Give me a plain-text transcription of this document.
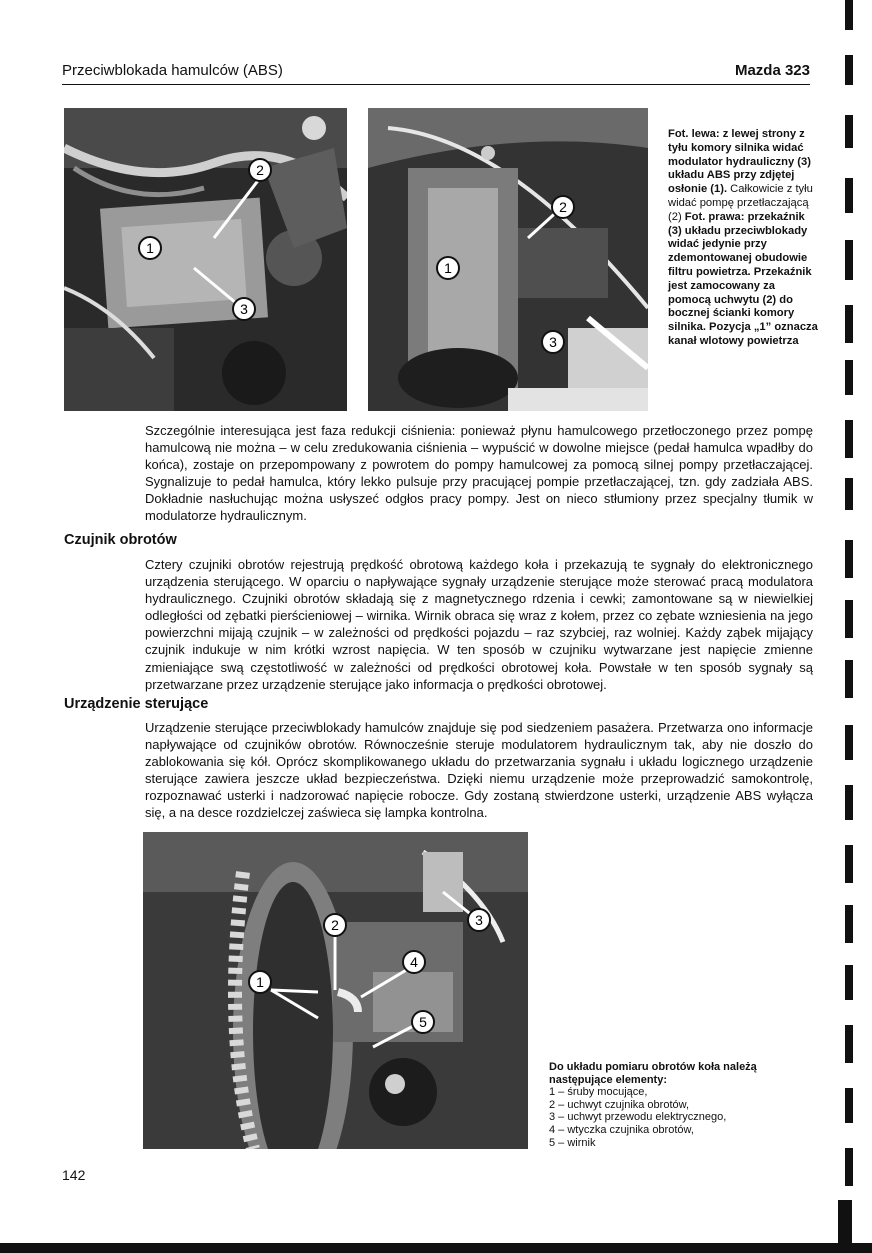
Przeciwblokada hamulców (ABS)	Mazda 323
1
2
3
1
2
3
Fot. lewa: z lewej strony z tyłu komory silnika widać modulator hydrauliczny (3) układu ABS przy zdjętej osłonie (1). Całkowicie z tyłu widać pompę przetłaczającą (2) Fot. prawa: przekaźnik (3) układu przeciwblokady widać jedynie przy zdemontowanej obudowie filtru powietrza. Przekaźnik jest zamocowany za pomocą uchwytu (2) do bocznej ścianki komory silnika. Pozycja „1” oznacza kanał wlotowy powietrza
Szczególnie interesująca jest faza redukcji ciśnienia: ponieważ płynu hamulcowego przetłoczonego przez pompę hamulcową nie można – w celu zredukowania ciśnienia – wypuścić w dowolne miejsce (pedał hamulca wpadłby do końca), zostaje on przepompowany z powrotem do pompy hamulcowej za pomocą silnej pompy przetłaczającej. Sygnalizuje to pedał hamulca, który lekko pulsuje przy pracującej pompie przetłaczającej, tzn. gdy zadziała ABS. Dokładnie nasłuchując można usłyszeć odgłos pracy pompy. Jest on nieco stłumiony przez specjalny tłumik w modulatorze hydraulicznym.
Czujnik obrotów
Cztery czujniki obrotów rejestrują prędkość obrotową każdego koła i przekazują te sygnały do elektronicznego urządzenia sterującego. W oparciu o napływające sygnały urządzenie sterujące może sterować pracą modulatora hydraulicznego. Czujniki obrotów składają się z magnetycznego rdzenia i cewki; zamontowane są w niewielkiej odległości od zębatki pierścieniowej – wirnika. Wirnik obraca się wraz z kołem, przez co zębate wzniesienia na jego powierzchni mijają czujnik – w zależności od prędkości pojazdu – raz szybciej, raz wolniej. Każdy ząbek mijający czujnik indukuje w nim krótki wzrost napięcia. W ten sposób w czujniku wytwarzane jest napięcie zmienne zmieniające swą częstotliwość w zależności od prędkości obrotowej koła. Powstałe w ten sposób sygnały są przetwarzane przez urządzenie sterujące jako informacja o prędkości obrotowej.
Urządzenie sterujące
Urządzenie sterujące przeciwblokady hamulców znajduje się pod siedzeniem pasażera. Przetwarza ono informacje napływające od czujników obrotów. Równocześnie steruje modulatorem hydraulicznym tak, aby nie doszło do zablokowania się kół. Oprócz skomplikowanego układu do przetwarzania sygnału i układu logicznego urządzenie sterujące zawiera jeszcze układ bezpieczeństwa. Dzięki niemu urządzenie może przeprowadzić samokontrolę, rozpoznawać usterki i nadzorować napięcie robocze. Gdy zostaną stwierdzone usterki, urządzenie ABS wyłącza się, a na desce rozdzielczej zaświeca się lampka kontrolna.
1
2	3
4
5
Do układu pomiaru obrotów koła należą następujące elementy:
1 – śruby mocujące,
2 – uchwyt czujnika obrotów,
3 – uchwyt przewodu elektrycznego,
4 – wtyczka czujnika obrotów,
5 – wirnik
142
